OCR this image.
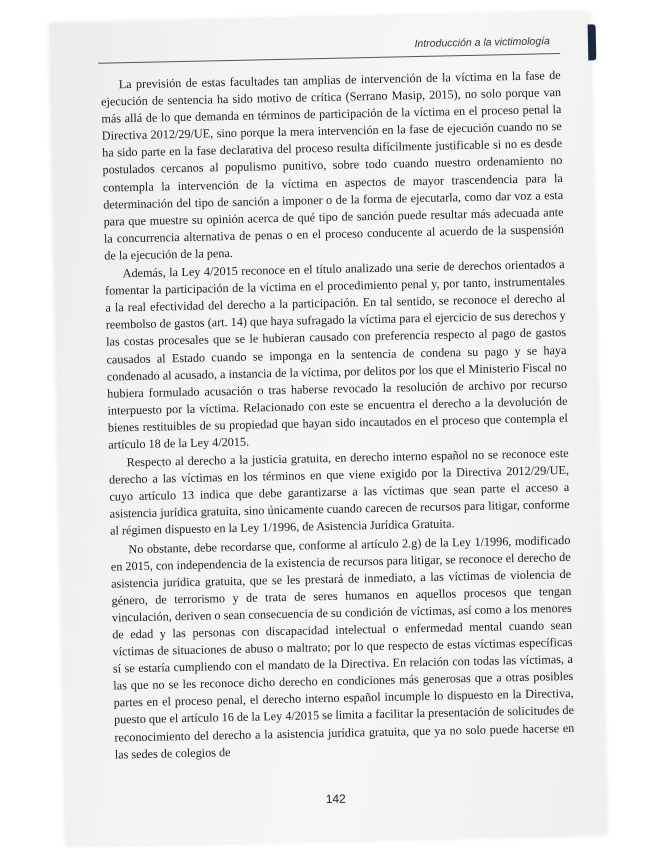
Introducción a la victimología

La previsión de estas facultades tan amplias de intervención de la víctima en la fase de ejecución de sentencia ha sido motivo de crítica (Serrano Masip, 2015), no solo porque van más allá de lo que demanda en términos de participación de la víctima en el proceso penal la Directiva 2012/29/UE, sino porque la mera intervención en la fase de ejecución cuando no se ha sido parte en la fase declarativa del proceso resulta difícilmente justificable si no es desde postulados cercanos al populismo punitivo, sobre todo cuando nuestro ordenamiento no contempla la intervención de la víctima en aspectos de mayor trascendencia para la determinación del tipo de sanción a imponer o de la forma de ejecutarla, como dar voz a esta para que muestre su opinión acerca de qué tipo de sanción puede resultar más adecuada ante la concurrencia alternativa de penas o en el proceso conducente al acuerdo de la suspensión de la ejecución de la pena.

Además, la Ley 4/2015 reconoce en el título analizado una serie de derechos orientados a fomentar la participación de la víctima en el procedimiento penal y, por tanto, instrumentales a la real efectividad del derecho a la participación. En tal sentido, se reconoce el derecho al reembolso de gastos (art. 14) que haya sufragado la víctima para el ejercicio de sus derechos y las costas procesales que se le hubieran causado con preferencia respecto al pago de gastos causados al Estado cuando se imponga en la sentencia de condena su pago y se haya condenado al acusado, a instancia de la víctima, por delitos por los que el Ministerio Fiscal no hubiera formulado acusación o tras haberse revocado la resolución de archivo por recurso interpuesto por la víctima. Relacionado con este se encuentra el derecho a la devolución de bienes restituibles de su propiedad que hayan sido incautados en el proceso que contempla el artículo 18 de la Ley 4/2015.

Respecto al derecho a la justicia gratuita, en derecho interno español no se reconoce este derecho a las víctimas en los términos en que viene exigido por la Directiva 2012/29/UE, cuyo artículo 13 indica que debe garantizarse a las víctimas que sean parte el acceso a asistencia jurídica gratuita, sino únicamente cuando carecen de recursos para litigar, conforme al régimen dispuesto en la Ley 1/1996, de Asistencia Jurídica Gratuita.

No obstante, debe recordarse que, conforme al artículo 2.g) de la Ley 1/1996, modificado en 2015, con independencia de la existencia de recursos para litigar, se reconoce el derecho de asistencia jurídica gratuita, que se les prestará de inmediato, a las víctimas de violencia de género, de terrorismo y de trata de seres humanos en aquellos procesos que tengan vinculación, deriven o sean consecuencia de su condición de víctimas, así como a los menores de edad y las personas con discapacidad intelectual o enfermedad mental cuando sean víctimas de situaciones de abuso o maltrato; por lo que respecto de estas víctimas específicas sí se estaría cumpliendo con el mandato de la Directiva. En relación con todas las víctimas, a las que no se les reconoce dicho derecho en condiciones más generosas que a otras posibles partes en el proceso penal, el derecho interno español incumple lo dispuesto en la Directiva, puesto que el artículo 16 de la Ley 4/2015 se limita a facilitar la presentación de solicitudes de reconocimiento del derecho a la asistencia jurídica gratuita, que ya no solo puede hacerse en las sedes de colegios de

142
